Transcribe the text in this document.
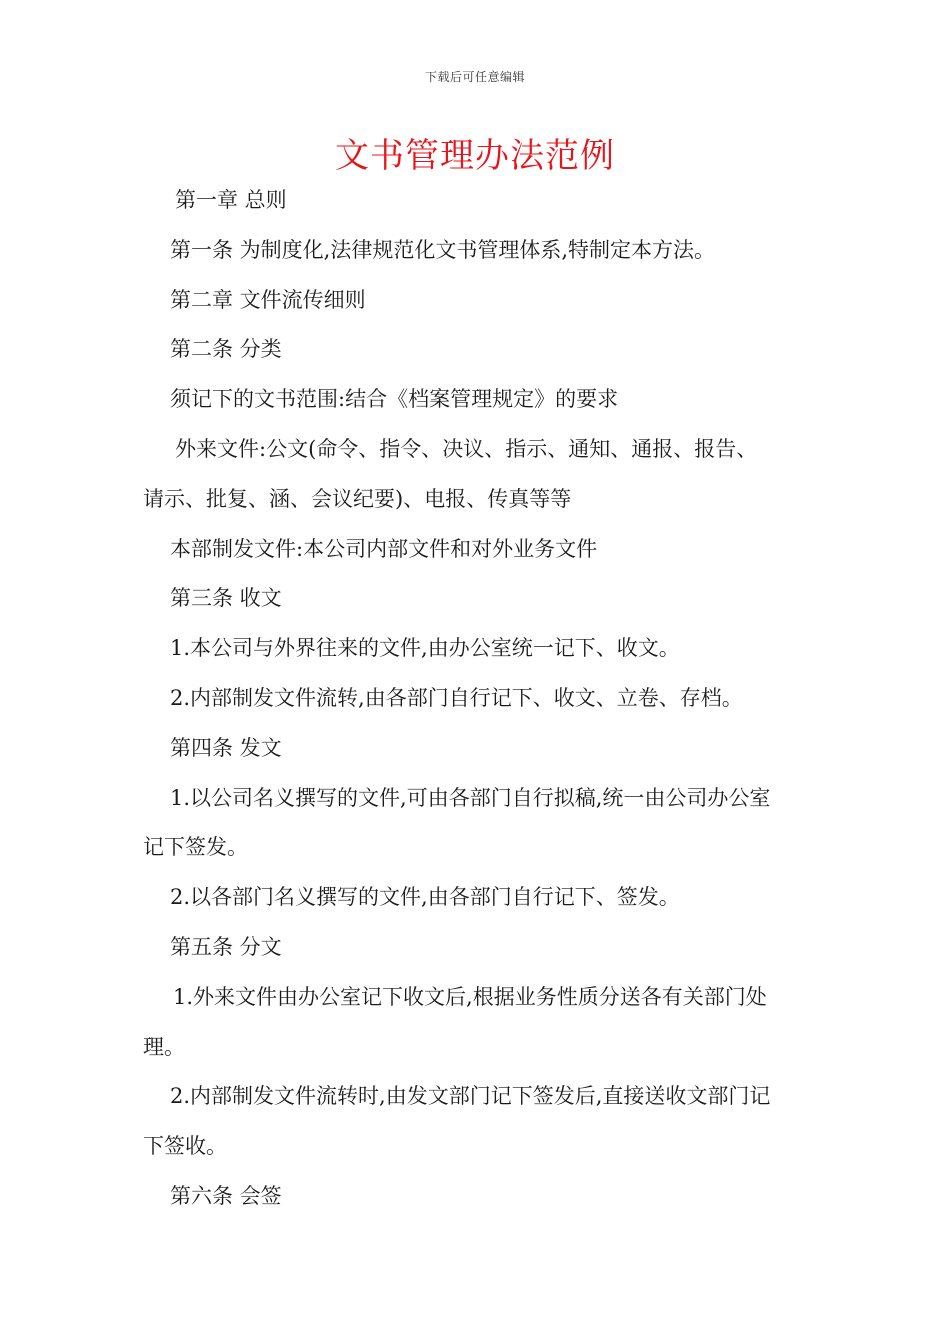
下载后可任意编辑
文书管理办法范例
第一章 总则
第一条 为制度化,法律规范化文书管理体系,特制定本方法。
第二章 文件流传细则
第二条 分类
须记下的文书范围:结合《档案管理规定》的要求
外来文件:公文(命令、指令、决议、指示、通知、通报、报告、
请示、批复、涵、会议纪要)、电报、传真等等
本部制发文件:本公司内部文件和对外业务文件
第三条 收文
1.本公司与外界往来的文件,由办公室统一记下、收文。
2.内部制发文件流转,由各部门自行记下、收文、立卷、存档。
第四条 发文
1.以公司名义撰写的文件,可由各部门自行拟稿,统一由公司办公室
记下签发。
2.以各部门名义撰写的文件,由各部门自行记下、签发。
第五条 分文
1.外来文件由办公室记下收文后,根据业务性质分送各有关部门处
理。
2.内部制发文件流转时,由发文部门记下签发后,直接送收文部门记
下签收。
第六条 会签
